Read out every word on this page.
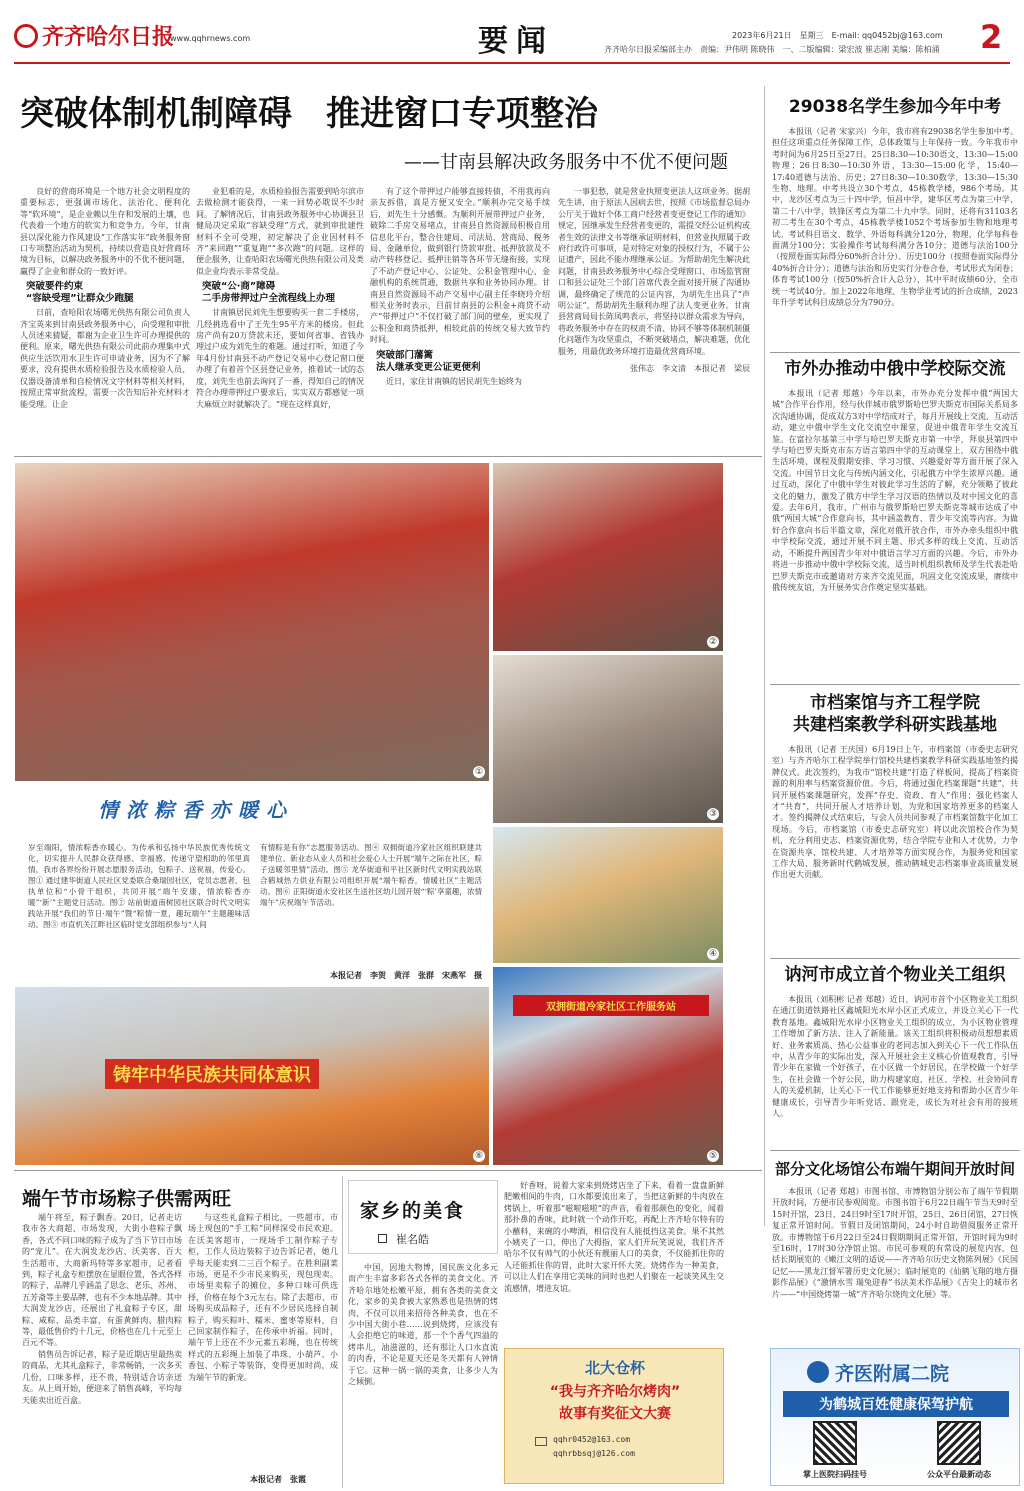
齐齐哈尔日报
www.qqhrnews.com	要闻	2023年6月21日　星期三　E-mail: qq0452bj@163.com
齐齐哈尔日报采编部主办　责编：尹伟明 陈晓伟　一、二版编辑：梁宏波 崔志刚 美编：陈柏涌 2
突破体制机制障碍　推进窗口专项整治
——甘南县解决政务服务中不优不便问题

良好的营商环境是一个地方社会文明程度的重要标志，更强调市场化、法治化、便利化等“软环境”，是企业赖以生存和发展的土壤，也代表着一个地方的软实力和竞争力。今年，甘南县以深化能力作风建设“工作落实年”政务服务窗口专项整治活动为契机，持续以营造良好营商环境为目标，以解决政务服务中的不优不便问题，赢得了企业和群众的一致好评。

突破要件约束
“容缺受理”让群众少跑腿

日前，查哈阳农场曙光供热有限公司负责人齐宝英来到甘南县政务服务中心，向受理和审批人员述来猜疑，都谢为企业卫生许可办理提供的便利。原来，曙光供热有限公司此前办理集中式供应生活饮用水卫生许可申请业务，因为不了解要求，没有提供水质检验报告及水质检验人员、仪器设备清单和自检情况文字材料等相关材料，按照正常审批流程，需要一次告知后补充材料才能受理。让企

业犯难的是，水质检验报告需要到哈尔滨市去做检测才能获得，一来一回势必耽误不少时间。了解情况后，甘南县政务服务中心协调县卫健局决定采取“容缺受理”方式，就到审批建性材料不全可受理，初定解决了企业因材料不齐“来回跑”“重复跑”“多次跑”的问题。这样的便企服务，让查哈阳农场曙光供热有限公司及类似企业均表示非常受益。

突破“公·商”障碍
二手房带押过户全流程线上办理

甘南镇居民刘先生想要购买一套二手楼房，几经挑选看中了王先生95平方米的楼房。但此房产尚有20万贷款未还，要如何省事、省钱办理过户成为刘先生的难题。通过打听，知道了今年4月份甘南县不动产登记交易中心登记窗口便办理了有着首个区县登记业务，推着试一试的态度，刘先生也前去询问了一番，得知自己的情况符合办理带押过户要求后，实实双方都感觉一项大麻烦立时就解决了。“现在这样真好，

有了这个带押过户能够直接转债，不用我再向亲友拆借，真是方便又安全。”顺利办完交易手续后，刘先生十分感慨。为顺利开展带押过户业务，破除二手房交易堵点，甘南县自然资源局积极自用信息化平台，整合住建局、司法局、营商局、税务局、金融单位，做到银行贷款审批、抵押放款及不动产转移登记、抵押注销等各环节无缝衔接，实现了不动产登记中心、公证处、公积金管理中心、金融机构的系统贯通，数据共享和业务协同办理。甘南县自然资源局不动产交易中心副主任李晓玲介绍相关业务时表示，目前甘南县的公积金+商贷不动产“带押过户”不仅打破了部门间的壁垒，更实现了公积金和商贷抵押，相较此前的传统交易大致节约时间。

突破部门藩篱
法人继承变更公证更便利

近日，家住甘南镇的居民胡先生始终为

一事犯愁，就是营业执照变更法人这项业务。据胡先生讲，由于原法人因病去世，按照《市场监督总局办公厅关于做好个体工商户经营者变更登记工作的通知》规定，因继承发生经营者变更的，需提交经公证机构或者生效的法律文书等继承证明材料，但营业执照属于政府行政许可事项，是对特定对象的授权行为，不属于公证遗产，因此不能办理继承公证。为帮助胡先生解决此问题，甘南县政务服务中心综合受理窗口、市场监管窗口和县公证处三个部门首席代表全面对接开展了沟通协调，最终确定了规范的公证内容，为胡先生出具了“声明公证”，帮助胡先生顺利办理了法人变更业务。甘南县营商局局长陈凤鸣表示，将坚持以群众需求为导向，将政务服务中存在的权责不清、协同不够等体制机制僵化问题作为攻坚重点，不断突破堵点，解决难题，优化服务，用最优政务环境打造最优营商环境。

张伟志　李文清　本报记者　梁辰

①
②
③
④
双拥街道冷家社区工作服务站
⑤
铸牢中华民族共同体意识
⑥
情浓粽香亦暖心
岁至端阳，情浓粽香亦暖心。为传承和弘扬中华民族优秀传统文化，切实提升人民群众获得感、幸福感，传递守望相助的邻里真情，我市各界纷纷开展志愿服务活动，包粽子、送祝福，传爱心。图① 通过建华街道人民社区党委联合桑瑞园社区，党员志愿者、包执单位和“小骨干组织，共同开展“端午安康，情浓粽香亦暖”‘新’”主题党日活动。图② 站前街道南树园社区联合时代文明实践站开展“我们的节日·端午”暨“粽情一夏，趣玩端午”主题趣味活动。图③ 市直机关江畔社区临时党支部组织参与“人间
有情粽是有你”志愿服务活动。图④ 双拥街道冷家社区组织联建共建单位、新业态从业人员和社会爱心人士开展“端午之际在社区，粽子送暖邻里情”活动。图⑤ 龙华街道和平社区新时代文明实践站联合鹤城热力供业有限公司组织开展“端午粽香，情暖社区”主题活动。图⑥ 正阳街道永安社区生送社区幼儿园开展“‘粽’享童趣，浓情端午”庆祝端午节活动。
本报记者　李贺　黄洋　张群　宋燕军　摄
端午节市场粽子供需两旺

端午将至，粽子飘香。20日，记者走访我市各大商超、市场发现，大街小巷粽子飘香，各式不同口味的粽子成为了当下节日市场的“宠儿”。在大润发龙沙店、沃美客、百大生活超市、大商新玛特等多家超市，记者看到，粽子礼盒专柜摆放在显眼位置，各式各样的粽子，品牌几乎涵盖了思念、老乐、苏州、五芳斋等主要品牌，也有不少本地品牌。其中大润发龙沙店，还展出了礼盒粽子专区，甜粽、咸粽、品类丰富，有蛋黄鲜肉、腊肉粽等，最低售价约十几元，价格也在几十元至上百元不等。

销售员告诉记者，粽子是近期店里最热卖的商品，尤其礼盒粽子，非常畅销，一次多买几份，口味多样，还不贵，特别适合访亲送友。从上周开始，便迎来了销售高峰，平均每天能卖出近百盒。

与这些礼盒粽子相比，一些超市、市场上现包的“手工粽”同样深受市民欢迎。在沃美客超市，一现场手工制作粽子专柜，工作人员边装粽子边告诉记者，她几乎每天能卖到二三百个粽子。在胜利副菜市场，更是不少市民来购买，现包现卖。市场里卖粽子的摊位，多种口味可供选择，价格在每个3元左右。除了去超市、市场购买成品粽子，还有不少居民选择自制粽子，购买粽叶、糯米、蜜枣等原料，自己回家制作粽子，在传承中祈福。同时，端午节上还在不少元素五彩绳，也在传统样式的五彩绳上加装了串珠、小葫芦、小香包、小粽子等装饰，变得更加时尚，成为端午节的新宠。

本报记者　张霞
家乡的美食
崔名皓

中国，因地大物博，国民族文化多元而产生丰富多彩各式各样的美食文化。齐齐哈尔地处松嫩平原，拥有各类的美食文化，家乡的美食被大家熟悉也是热情的烤肉，不仅可以用来招待各种美食，也在不少中国大街小巷……说到烧烤，应该没有人会拒绝它的味道，那一个个香气四溢的烤串儿，油滋滋的，还有那让人口水直流的肉香，不论是夏天还是冬天都有人钟情于它。这种一锅一锅的美食，让多少人为之倾倒。

好香呀，说着大家来到烧烤店坐了下来，看着一盘盘新鲜肥嫩相间的牛肉，口水都要流出来了，当把这新鲜的牛肉放在烤锅上，听着那“嗞啦嗞啦”的声音，看着那颜色的变化，闻着那扑鼻的香味，此时就一个动作开吃，再配上齐齐哈尔特有的小蘸料，来碗的小啤酒，相信没有人能抵挡这美食。果不其然小姨夹了一口，伸出了大拇指，家人们开玩笑说说，我们齐齐哈尔不仅有帅气的小伙还有靓丽人口的美食，不仅能抓住你的人还能抓住你的胃，此时大家开怀大笑。烧烤作为一种美食，可以让人们在享用它美味的同时也把人们聚在一起谈笑风生交流感情，增进友谊。

北大仓杯
“我与齐齐哈尔烤肉”
故事有奖征文大赛
qqhr0452@163.com
qqhrbbsqj@126.com
29038名学生参加今年中考

本报讯（记者 宋家兴）今年，我市将有29038名学生参加中考。担任这项重点任务保障工作，总体政策与上年保持一致。今年我市中考时间为6月25日至27日。25日8:30—10:30语文，13:30—15:00物理；26日8:30—10:30外语，13:30—15:00化学，15:40—17:40道德与法治、历史；27日8:30—10:30数学，13:30—15:30生物、地理。中考共设立30个考点、45栋教学楼，986个考场。其中，龙沙区考点为三十四中学，恒昌中学，建华区考点为第三中学、第二十八中学，铁锋区考点为第二十九中学。同时，还将有31103名初二考生在30个考点，45栋教学楼1052个考场参加生物和地理考试。考试科目语文、数学、外语每科满分120分，物理、化学每科卷面满分100分；实验操作考试每科满分各10分；道德与法治100分（按照卷面实际得分60%折合计分）、历史100分（按照卷面实际得分40%折合计分）；道德与法治和历史实行分卷合卷，考试形式为闭卷；体育考试100分（按50%折合计入总分），其中平时成绩60分，全市统一考试40分。加上2022年地理、生物学业考试的折合成绩，2023年升学考试科目成绩总分为790分。

市外办推动中俄中学校际交流

本报讯（记者 郑越）今年以来，市外办充分发挥中俄“两国大城”合作平台作用，经与伙伴城市俄罗斯哈巴罗夫斯克市国际关系局多次沟通协调，促成双方3对中学结成对子，每月开展线上交流、互动活动，建立中俄中学生文化交流空中课堂，促进中俄青年学生交流互鉴。在富拉尔基第三中学与哈巴罗夫斯克市第一中学，拜泉县第四中学与哈巴罗夫斯克市东方语言第四中学的互动课堂上，双方围绕中俄生活环境、课程及假期安排、学习习惯、兴趣爱好等方面开展了深入交流。中国节日文化与传统内涵文化，引起俄方中学生浓厚兴趣。通过互动，深化了中俄中学生对彼此学习生活的了解，充分领略了彼此文化的魅力，激发了俄方中学生学习汉语的热情以及对中国文化的喜爱。去年6月，我市、广州市与俄罗斯哈巴罗夫斯克等城市达成了中俄“两国大城”合作意向书，其中涵盖教育、青少年交流等内容。为做好合作意向书后半篇文章，深化对俄开放合作，市外办牵头组织中俄中学校际交流，通过开展不同主题、形式多样的线上交流、互动活动，不断提升两国青少年对中俄语言学习方面的兴趣。今后，市外办将进一步推动中俄中学校际交流，适当时机组织教师及学生代表赴哈巴罗夫斯克市或邀请对方来齐交流见面，巩固文化交流成果，赓续中俄传统友谊，为开展务实合作奠定坚实基础。

市档案馆与齐工程学院
共建档案教学科研实践基地

本报讯（记者 王庆国）6月19日上午，市档案馆（市委史志研究室）与齐齐哈尔工程学院举行馆校共建档案教学科研实践基地签约揭牌仪式。此次签约，为我市“馆校共建”打造了样板间，提高了档案资源的利用率与档案资源价值。今后，将通过强化档案课题“共建”，共同开展档案课题研究，发挥“存史、资政、育人”作用；强化档案人才“共育”，共同开展人才培养计划，为党和国家培养更多的档案人才。签约揭牌仪式结束后，与会人员共同参观了市档案馆数字化加工现场。今后，市档案馆（市委史志研究室）将以此次馆校合作为契机，充分利用史志、档案资源优势，结合学院专业和人才优势，力争在资源共享、馆校共建、人才培养等方面实现合作，为服务党和国家工作大局、服务新时代鹤城发展，推动鹤城史志档案事业高质量发展作出更大贡献。

讷河市成立首个物业关工组织

本报讯（刘积彬 记者 郑越）近日，讷河市首个小区物业关工组织在通江街道铁路社区鑫城阳光水岸小区正式成立，并设立关心下一代教育基地。鑫城阳光水岸小区物业关工组织的成立，为小区物业管理工作增加了新方法、注入了新能量。该关工组织将积极动员想想素质好、业务素质高、热心公益事业的老同志加入到关心下一代工作队伍中，从青少年的实际出发，深入开展社会主义核心价值观教育，引导青少年在家做一个好孩子，在小区做一个好居民，在学校做一个好学生，在社会做一个好公民，助力构建家庭、社区、学校、社会协同育人的关爱机制，让关心下一代工作能够更好地支持和帮助小区青少年健康成长，引导青少年听党话、跟党走，成长为对社会有用的接班人。

部分文化场馆公布端午期间开放时间

本报讯（记者 郑越）市图书馆、市博物馆分别公布了端午节假期开放时间，方便市民参观阅览。市图书馆于6月22日端午节当天9时至15时开馆，23日、24日9时至17时开馆，25日、26日闭馆，27日恢复正常开馆时间。节假日及闭馆期间，24小时自助借阅服务正常开放。市博物馆于6月22日至24日假期期间正常开馆，开馆时间为9时至16时，17时30分净馆止馆。市民可参观的有常设的展览内容，包括长期展览的《嫩江文明的适说——齐齐哈尔历史文物陈列展》《民国记忆——黑龙江督军署历史文化展》；临时展览的《仙鹤飞翔的地方摄影作品展》《“激情水雪 瑞兔迎春”书法美术作品展》《吉尖上的城市名片——“中国烧烤第一城”齐齐哈尔烧肉文化展》等。

齐医附属二院
为鹤城百姓健康保驾护航
掌上医院扫码挂号	公众平台最新动态
